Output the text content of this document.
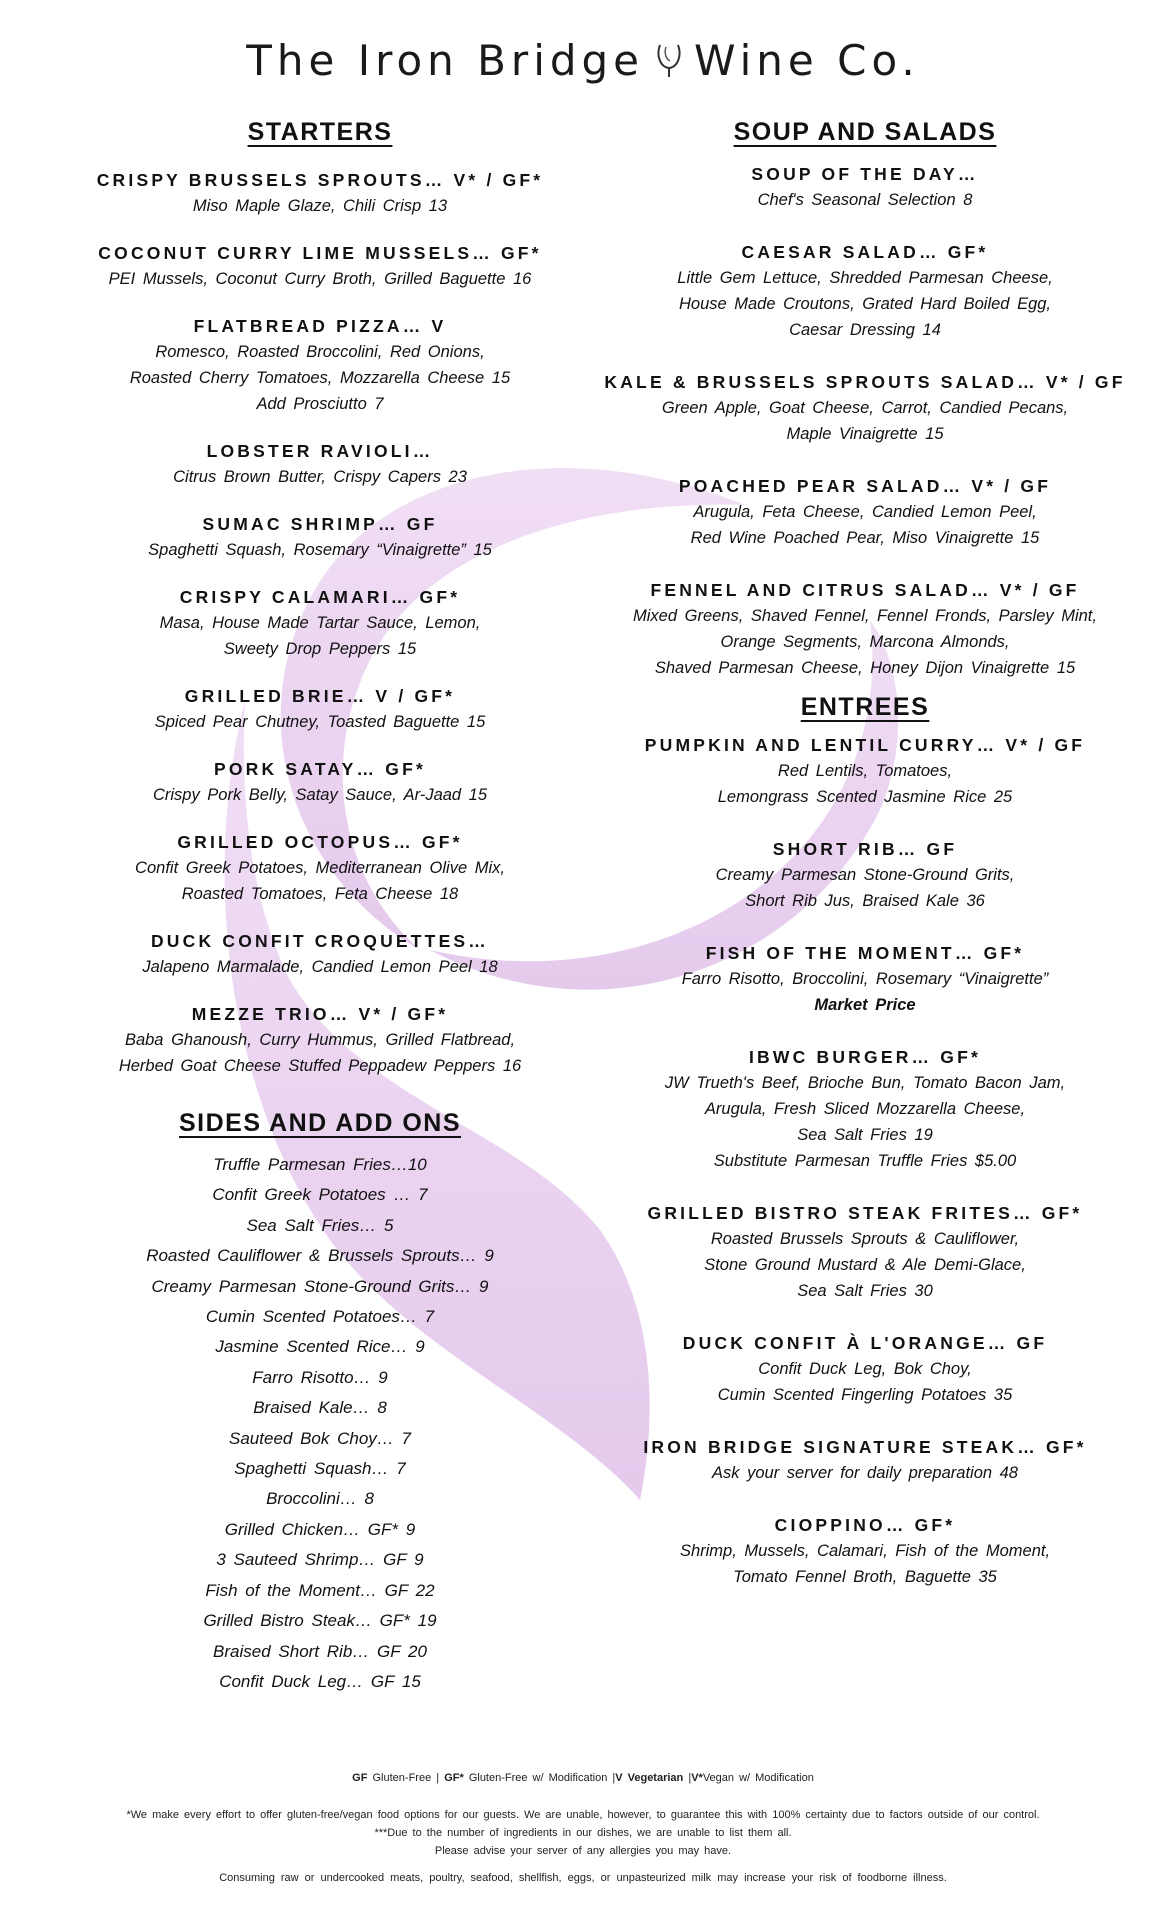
The Iron Bridge Wine Co.
STARTERS

CRISPY BRUSSELS SPROUTS… V* / GF*

Miso Maple Glaze, Chili Crisp 13

COCONUT CURRY LIME MUSSELS… GF*

PEI Mussels, Coconut Curry Broth, Grilled Baguette 16

FLATBREAD PIZZA… V

Romesco, Roasted Broccolini, Red Onions,

Roasted Cherry Tomatoes, Mozzarella Cheese 15

Add Prosciutto 7

LOBSTER RAVIOLI…

Citrus Brown Butter, Crispy Capers 23

SUMAC SHRIMP… GF

Spaghetti Squash, Rosemary “Vinaigrette” 15

CRISPY CALAMARI… GF*

Masa, House Made Tartar Sauce, Lemon,

Sweety Drop Peppers 15

GRILLED BRIE… V / GF*

Spiced Pear Chutney, Toasted Baguette 15

PORK SATAY… GF*

Crispy Pork Belly, Satay Sauce, Ar-Jaad 15

GRILLED OCTOPUS… GF*

Confit Greek Potatoes, Mediterranean Olive Mix,

Roasted Tomatoes, Feta Cheese 18

DUCK CONFIT CROQUETTES…

Jalapeno Marmalade, Candied Lemon Peel 18

MEZZE TRIO… V* / GF*

Baba Ghanoush, Curry Hummus, Grilled Flatbread,

Herbed Goat Cheese Stuffed Peppadew Peppers 16

SIDES AND ADD ONS

Truffle Parmesan Fries…10

Confit Greek Potatoes … 7

Sea Salt Fries… 5

Roasted Cauliflower & Brussels Sprouts… 9

Creamy Parmesan Stone-Ground Grits… 9

Cumin Scented Potatoes… 7

Jasmine Scented Rice… 9

Farro Risotto… 9

Braised Kale… 8

Sauteed Bok Choy… 7

Spaghetti Squash… 7

Broccolini… 8

Grilled Chicken… GF* 9

3 Sauteed Shrimp… GF 9

Fish of the Moment… GF 22

Grilled Bistro Steak… GF* 19

Braised Short Rib… GF 20

Confit Duck Leg… GF 15

SOUP AND SALADS

SOUP OF THE DAY…

Chef's Seasonal Selection 8

CAESAR SALAD… GF*

Little Gem Lettuce, Shredded Parmesan Cheese,

House Made Croutons, Grated Hard Boiled Egg,

Caesar Dressing 14

KALE & BRUSSELS SPROUTS SALAD… V* / GF

Green Apple, Goat Cheese, Carrot, Candied Pecans,

Maple Vinaigrette 15

POACHED PEAR SALAD… V* / GF

Arugula, Feta Cheese, Candied Lemon Peel,

Red Wine Poached Pear, Miso Vinaigrette 15

FENNEL AND CITRUS SALAD… V* / GF

Mixed Greens, Shaved Fennel, Fennel Fronds, Parsley Mint,

Orange Segments, Marcona Almonds,

Shaved Parmesan Cheese, Honey Dijon Vinaigrette 15

ENTREES

PUMPKIN AND LENTIL CURRY… V* / GF

Red Lentils, Tomatoes,

Lemongrass Scented Jasmine Rice 25

SHORT RIB… GF

Creamy Parmesan Stone-Ground Grits,

Short Rib Jus, Braised Kale 36

FISH OF THE MOMENT… GF*

Farro Risotto, Broccolini, Rosemary “Vinaigrette”

Market Price

IBWC BURGER… GF*

JW Trueth's Beef, Brioche Bun, Tomato Bacon Jam,

Arugula, Fresh Sliced Mozzarella Cheese,

Sea Salt Fries 19

Substitute Parmesan Truffle Fries $5.00

GRILLED BISTRO STEAK FRITES… GF*

Roasted Brussels Sprouts & Cauliflower,

Stone Ground Mustard & Ale Demi-Glace,

Sea Salt Fries 30

DUCK CONFIT À L'ORANGE… GF

Confit Duck Leg, Bok Choy,

Cumin Scented Fingerling Potatoes 35

IRON BRIDGE SIGNATURE STEAK… GF*

Ask your server for daily preparation 48

CIOPPINO… GF*

Shrimp, Mussels, Calamari, Fish of the Moment,

Tomato Fennel Broth, Baguette 35

GF Gluten-Free | GF* Gluten-Free w/ Modification |V Vegetarian |V*Vegan w/ Modification
*We make every effort to offer gluten-free/vegan food options for our guests. We are unable, however, to guarantee this with 100% certainty due to factors outside of our control.
***Due to the number of ingredients in our dishes, we are unable to list them all.
Please advise your server of any allergies you may have.
Consuming raw or undercooked meats, poultry, seafood, shellfish, eggs, or unpasteurized milk may increase your risk of foodborne illness.
